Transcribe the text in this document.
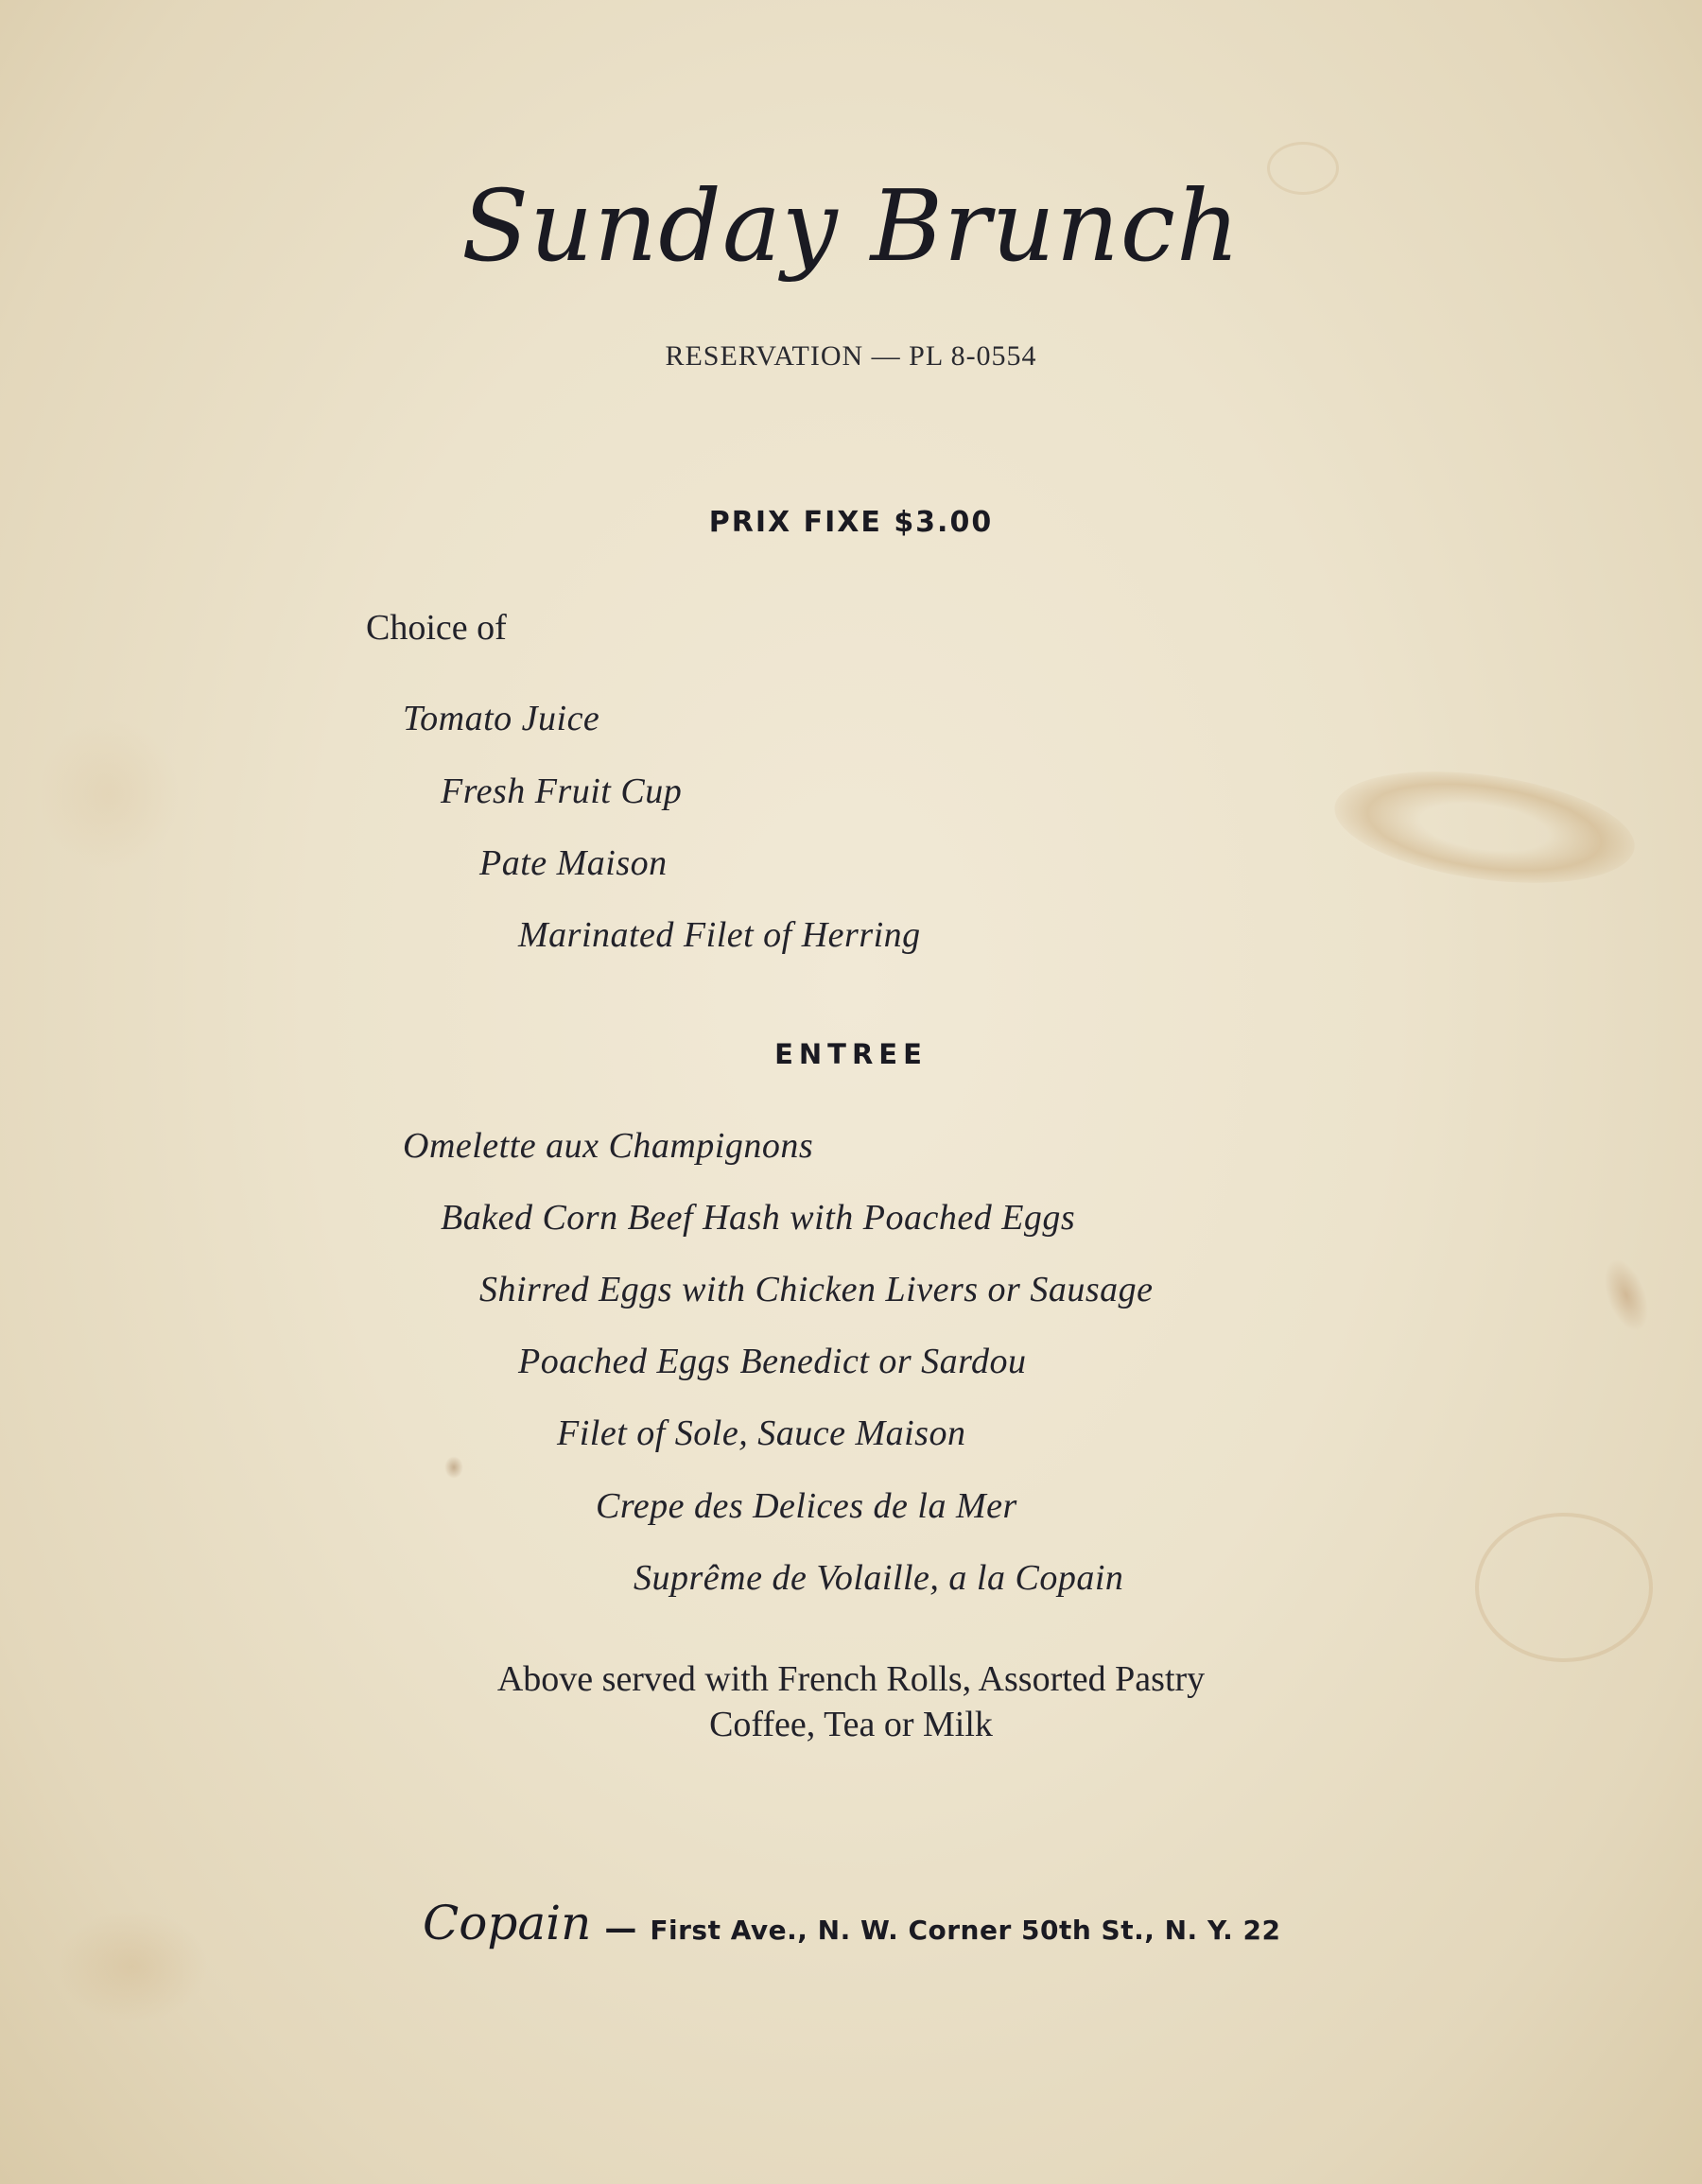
Sunday Brunch
RESERVATION — PL 8-0554
PRIX FIXE $3.00
Choice of
Tomato Juice
Fresh Fruit Cup
Pate Maison
Marinated Filet of Herring
ENTREE
Omelette aux Champignons
Baked Corn Beef Hash with Poached Eggs
Shirred Eggs with Chicken Livers or Sausage
Poached Eggs Benedict or Sardou
Filet of Sole, Sauce Maison
Crepe des Delices de la Mer
Suprême de Volaille, a la Copain
Above served with French Rolls, Assorted Pastry
Coffee, Tea or Milk
Copain — First Ave., N. W. Corner 50th St., N. Y. 22
